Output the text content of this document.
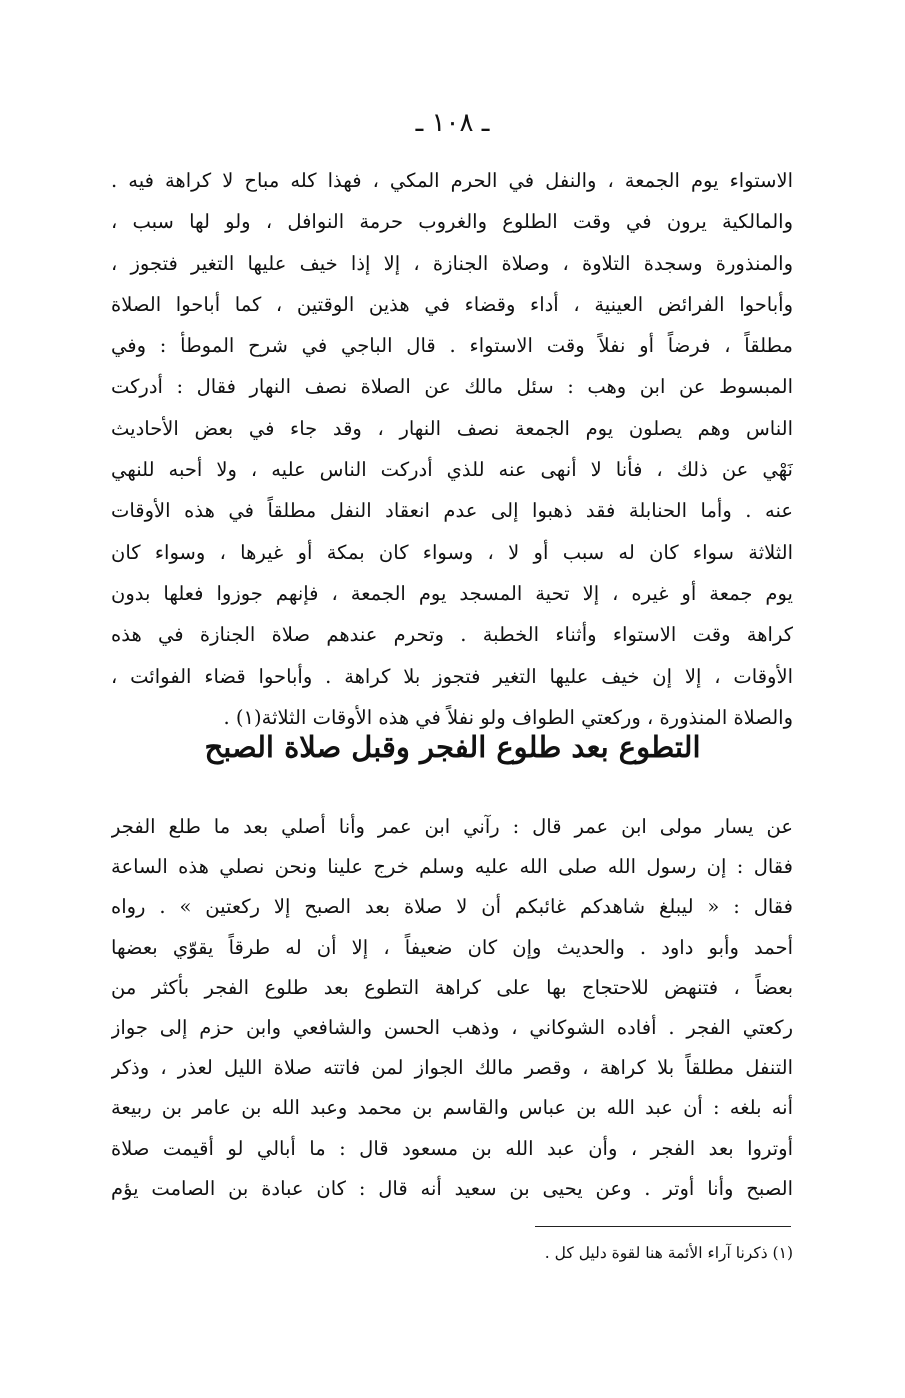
ـ ١٠٨ ـ
الاستواء يوم الجمعة ، والنفل في الحرم المكي ، فهذا كله مباح لا كراهة فيه .
والمالكية يرون في وقت الطلوع والغروب حرمة النوافل ، ولو لها سبب ،
والمنذورة وسجدة التلاوة ، وصلاة الجنازة ، إلا إذا خيف عليها التغير فتجوز ،
وأباحوا الفرائض العينية ، أداء وقضاء في هذين الوقتين ، كما أباحوا الصلاة
مطلقاً ، فرضاً أو نفلاً وقت الاستواء . قال الباجي في شرح الموطأ : وفي
المبسوط عن ابن وهب : سئل مالك عن الصلاة نصف النهار فقال : أدركت
الناس وهم يصلون يوم الجمعة نصف النهار ، وقد جاء في بعض الأحاديث
نَهْي عن ذلك ، فأنا لا أنهى عنه للذي أدركت الناس عليه ، ولا أحبه للنهي
عنه . وأما الحنابلة فقد ذهبوا إلى عدم انعقاد النفل مطلقاً في هذه الأوقات
الثلاثة سواء كان له سبب أو لا ، وسواء كان بمكة أو غيرها ، وسواء كان
يوم جمعة أو غيره ، إلا تحية المسجد يوم الجمعة ، فإنهم جوزوا فعلها بدون
كراهة وقت الاستواء وأثناء الخطبة . وتحرم عندهم صلاة الجنازة في هذه
الأوقات ، إلا إن خيف عليها التغير فتجوز بلا كراهة . وأباحوا قضاء الفوائت ،
والصلاة المنذورة ، وركعتي الطواف ولو نفلاً في هذه الأوقات الثلاثة(١) .
التطوع بعد طلوع الفجر وقبل صلاة الصبح
عن يسار مولى ابن عمر قال : رآني ابن عمر وأنا أصلي بعد ما طلع الفجر
فقال : إن رسول الله صلى الله عليه وسلم خرج علينا ونحن نصلي هذه الساعة
فقال : « ليبلغ شاهدكم غائبكم أن لا صلاة بعد الصبح إلا ركعتين » . رواه
أحمد وأبو داود . والحديث وإن كان ضعيفاً ، إلا أن له طرقاً يقوّي بعضها
بعضاً ، فتنهض للاحتجاج بها على كراهة التطوع بعد طلوع الفجر بأكثر من
ركعتي الفجر . أفاده الشوكاني ، وذهب الحسن والشافعي وابن حزم إلى جواز
التنفل مطلقاً بلا كراهة ، وقصر مالك الجواز لمن فاتته صلاة الليل لعذر ، وذكر
أنه بلغه : أن عبد الله بن عباس والقاسم بن محمد وعبد الله بن عامر بن ربيعة
أوتروا بعد الفجر ، وأن عبد الله بن مسعود قال : ما أبالي لو أقيمت صلاة
الصبح وأنا أوتر . وعن يحيى بن سعيد أنه قال : كان عبادة بن الصامت يؤم
(١) ذكرنا آراء الأئمة هنا لقوة دليل كل .
